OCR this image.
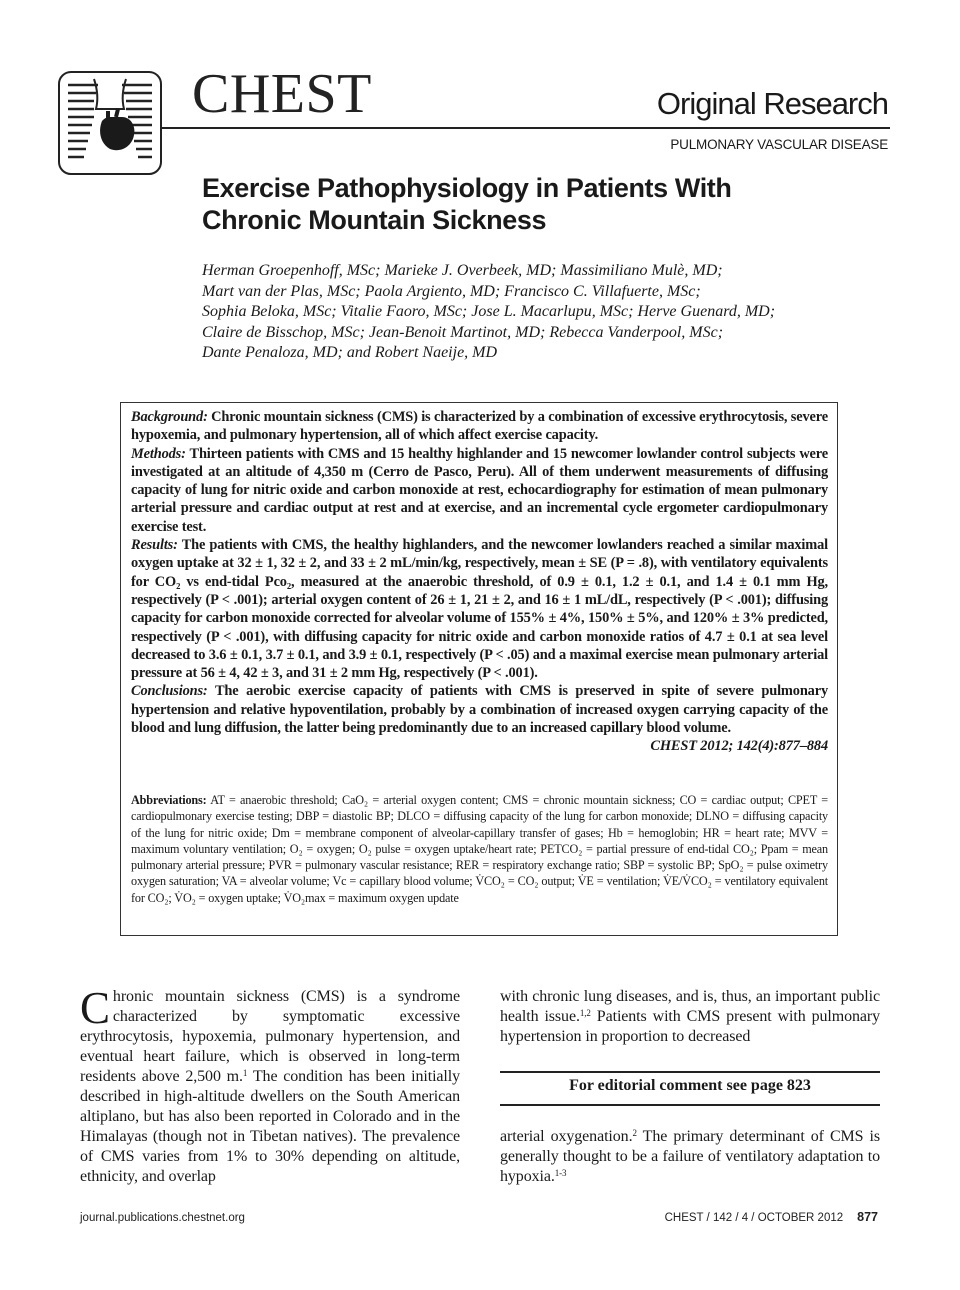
CHEST	Original Research
PULMONARY VASCULAR DISEASE
Exercise Pathophysiology in Patients With
Chronic Mountain Sickness
Herman Groepenhoff, MSc; Marieke J. Overbeek, MD; Massimiliano Mulè, MD;
Mart van der Plas, MSc; Paola Argiento, MD; Francisco C. Villafuerte, MSc;
Sophia Beloka, MSc; Vitalie Faoro, MSc; Jose L. Macarlupu, MSc; Herve Guenard, MD;
Claire de Bisschop, MSc; Jean-Benoit Martinot, MD; Rebecca Vanderpool, MSc;
Dante Penaloza, MD; and Robert Naeije, MD

Background: Chronic mountain sickness (CMS) is characterized by a combination of excessive erythrocytosis, severe hypoxemia, and pulmonary hypertension, all of which affect exercise capacity.

Methods: Thirteen patients with CMS and 15 healthy highlander and 15 newcomer lowlander control subjects were investigated at an altitude of 4,350 m (Cerro de Pasco, Peru). All of them underwent measurements of diffusing capacity of lung for nitric oxide and carbon monoxide at rest, echocardiography for estimation of mean pulmonary arterial pressure and cardiac output at rest and at exercise, and an incremental cycle ergometer cardiopulmonary exercise test.

Results: The patients with CMS, the healthy highlanders, and the newcomer lowlanders reached a similar maximal oxygen uptake at 32 ± 1, 32 ± 2, and 33 ± 2 mL/min/kg, respectively, mean ± SE (P = .8), with ventilatory equivalents for CO₂ vs end-tidal Pco₂, measured at the anaerobic threshold, of 0.9 ± 0.1, 1.2 ± 0.1, and 1.4 ± 0.1 mm Hg, respectively (P < .001); arterial oxygen content of 26 ± 1, 21 ± 2, and 16 ± 1 mL/dL, respectively (P < .001); diffusing capacity for carbon monoxide corrected for alveolar volume of 155% ± 4%, 150% ± 5%, and 120% ± 3% predicted, respectively (P < .001), with diffusing capacity for nitric oxide and carbon monoxide ratios of 4.7 ± 0.1 at sea level decreased to 3.6 ± 0.1, 3.7 ± 0.1, and 3.9 ± 0.1, respectively (P < .05) and a maximal exercise mean pulmonary arterial pressure at 56 ± 4, 42 ± 3, and 31 ± 2 mm Hg, respectively (P < .001).

Conclusions: The aerobic exercise capacity of patients with CMS is preserved in spite of severe pulmonary hypertension and relative hypoventilation, probably by a combination of increased oxygen carrying capacity of the blood and lung diffusion, the latter being predominantly due to an increased capillary blood volume.
CHEST 2012; 142(4):877–884

Abbreviations: AT = anaerobic threshold; CaO₂ = arterial oxygen content; CMS = chronic mountain sickness; CO = cardiac output; CPET = cardiopulmonary exercise testing; DBP = diastolic BP; DLCO = diffusing capacity of the lung for carbon monoxide; DLNO = diffusing capacity of the lung for nitric oxide; Dm = membrane component of alveolar-capillary transfer of gases; Hb = hemoglobin; HR = heart rate; MVV = maximum voluntary ventilation; O₂ = oxygen; O₂ pulse = oxygen uptake/heart rate; PETCO₂ = partial pressure of end-tidal CO₂; Ppam = mean pulmonary arterial pressure; PVR = pulmonary vascular resistance; RER = respiratory exchange ratio; SBP = systolic BP; SpO₂ = pulse oximetry oxygen saturation; VA = alveolar volume; Vc = capillary blood volume; V̇CO₂ = CO₂ output; V̇E = ventilation; V̇E/V̇CO₂ = ventilatory equivalent for CO₂; V̇O₂ = oxygen uptake; V̇O₂max = maximum oxygen update

Chronic mountain sickness (CMS) is a syndrome characterized by symptomatic excessive erythrocytosis, hypoxemia, pulmonary hypertension, and eventual heart failure, which is observed in long-term residents above 2,500 m.$^1$ The condition has been initially described in high-altitude dwellers on the South American altiplano, but has also been reported in Colorado and in the Himalayas (though not in Tibetan natives). The prevalence of CMS varies from 1% to 30% depending on altitude, ethnicity, and overlap

with chronic lung diseases, and is, thus, an important public health issue.$^{1,2}$ Patients with CMS present with pulmonary hypertension in proportion to decreased

For editorial comment see page 823

arterial oxygenation.$^2$ The primary determinant of CMS is generally thought to be a failure of ventilatory adaptation to hypoxia.$^{1-3}$

journal.publications.chestnet.org	CHEST / 142 / 4 / OCTOBER 2012 877
